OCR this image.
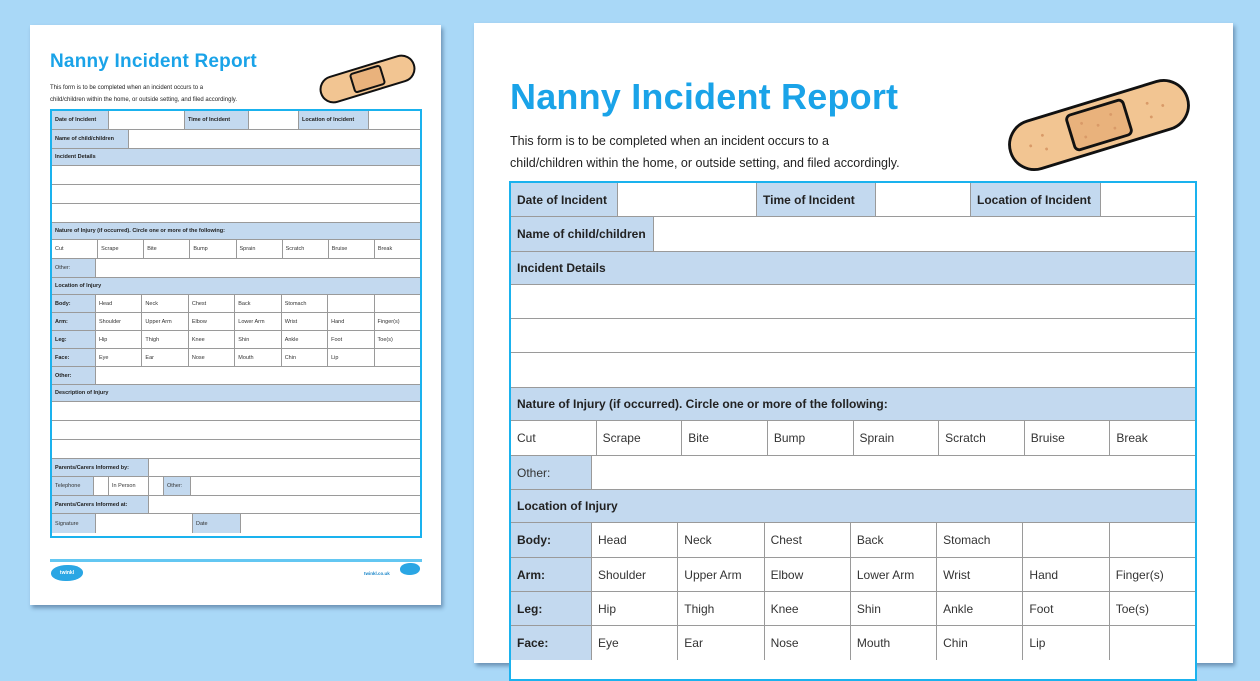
Nanny Incident Report
This form is to be completed when an incident occurs to a
child/children within the home, or outside setting, and filed accordingly.
Date of Incident	Time of Incident	Location of Incident
Name of child/children
Incident Details
Nature of Injury (if occurred). Circle one or more of the following:
Cut	Scrape	Bite	Bump	Sprain	Scratch	Bruise	Break
Other:
Location of Injury
Body:	Head	Neck	Chest	Back	Stomach
Arm:	Shoulder	Upper Arm	Elbow	Lower Arm	Wrist	Hand	Finger(s)
Leg:	Hip	Thigh	Knee	Shin	Ankle	Foot	Toe(s)
Face:	Eye	Ear	Nose	Mouth	Chin	Lip
Other:
Description of Injury
Parents/Carers Informed by:
Telephone	In Person	Other:
Parents/Carers Informed at:
Signature	Date
twinkl	twinkl.co.uk
Nanny Incident Report
This form is to be completed when an incident occurs to a
child/children within the home, or outside setting, and filed accordingly.
Date of Incident	Time of Incident	Location of Incident
Name of child/children
Incident Details
Nature of Injury (if occurred). Circle one or more of the following:
Cut	Scrape	Bite	Bump	Sprain	Scratch	Bruise	Break
Other:
Location of Injury
Body:	Head	Neck	Chest	Back	Stomach
Arm:	Shoulder	Upper Arm	Elbow	Lower Arm	Wrist	Hand	Finger(s)
Leg:	Hip	Thigh	Knee	Shin	Ankle	Foot	Toe(s)
Face:	Eye	Ear	Nose	Mouth	Chin	Lip
